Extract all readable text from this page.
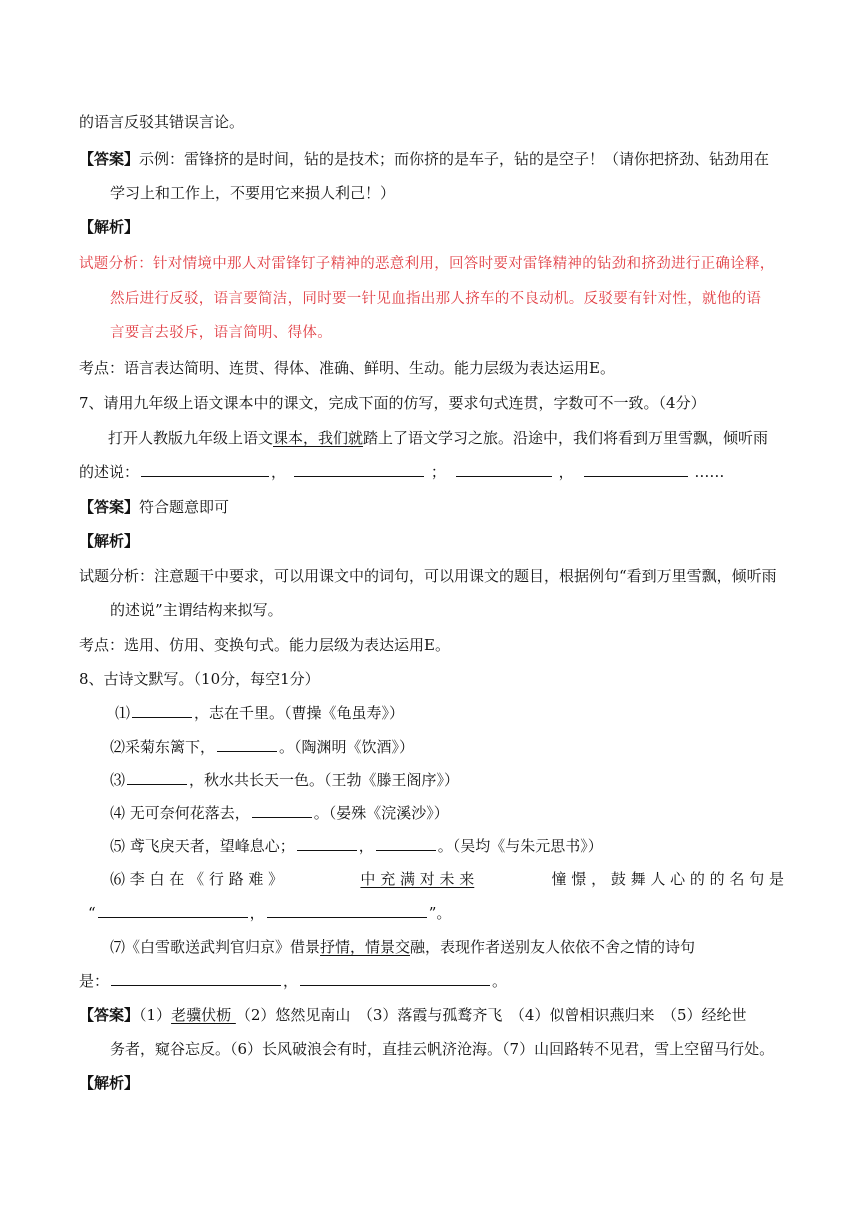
的语言反驳其错误言论。
【答案】示例：雷锋挤的是时间，钻的是技术；而你挤的是车子，钻的是空子！（请你把挤劲、钻劲用在
学习上和工作上，不要用它来损人利己！）
【解析】
试题分析：针对情境中那人对雷锋钉子精神的恶意利用，回答时要对雷锋精神的钻劲和挤劲进行正确诠释，
然后进行反驳，语言要简洁，同时要一针见血指出那人挤车的不良动机。反驳要有针对性，就他的语
言要言去驳斥，语言简明、得体。
考点：语言表达简明、连贯、得体、准确、鲜明、生动。能力层级为表达运用E。
7、请用九年级上语文课本中的课文，完成下面的仿写，要求句式连贯，字数可不一致。（4分）
打开人教版九年级上语文课本，我们就踏上了语文学习之旅。沿途中，我们将看到万里雪飘，倾听雨
的述说：	，	；	，	……
【答案】符合题意即可
【解析】
试题分析：注意题干中要求，可以用课文中的词句，可以用课文的题目，根据例句“看到万里雪飘，倾听雨
的述说”主谓结构来拟写。
考点：选用、仿用、变换句式。能力层级为表达运用E。
8、古诗文默写。（10分，每空1分）
⑴	，志在千里。（曹操《龟虽寿》）
⑵采菊东篱下，	。（陶渊明《饮酒》）
⑶	，秋水共长天一色。（王勃《滕王阁序》）
⑷ 无可奈何花落去，	。（晏殊《浣溪沙》）
⑸ 鸢飞戾天者，望峰息心；	，	。（吴均《与朱元思书》）
⑹ 李 白 在 《 行 路 难 》	中 充 满 对 未 来	憧 憬 ， 鼓 舞 人 心 的 的 名 句 是
“	，	”。
⑺《白雪歌送武判官归京》借景抒情，情景交融，表现作者送别友人依依不舍之情的诗句
是：	，	。
【答案】（1）老骥伏枥 （2）悠然见南山　（3）落霞与孤鹜齐飞　（4）似曾相识燕归来　（5）经纶世
务者，窥谷忘反。（6）长风破浪会有时，直挂云帆济沧海。（7）山回路转不见君，雪上空留马行处。
【解析】
